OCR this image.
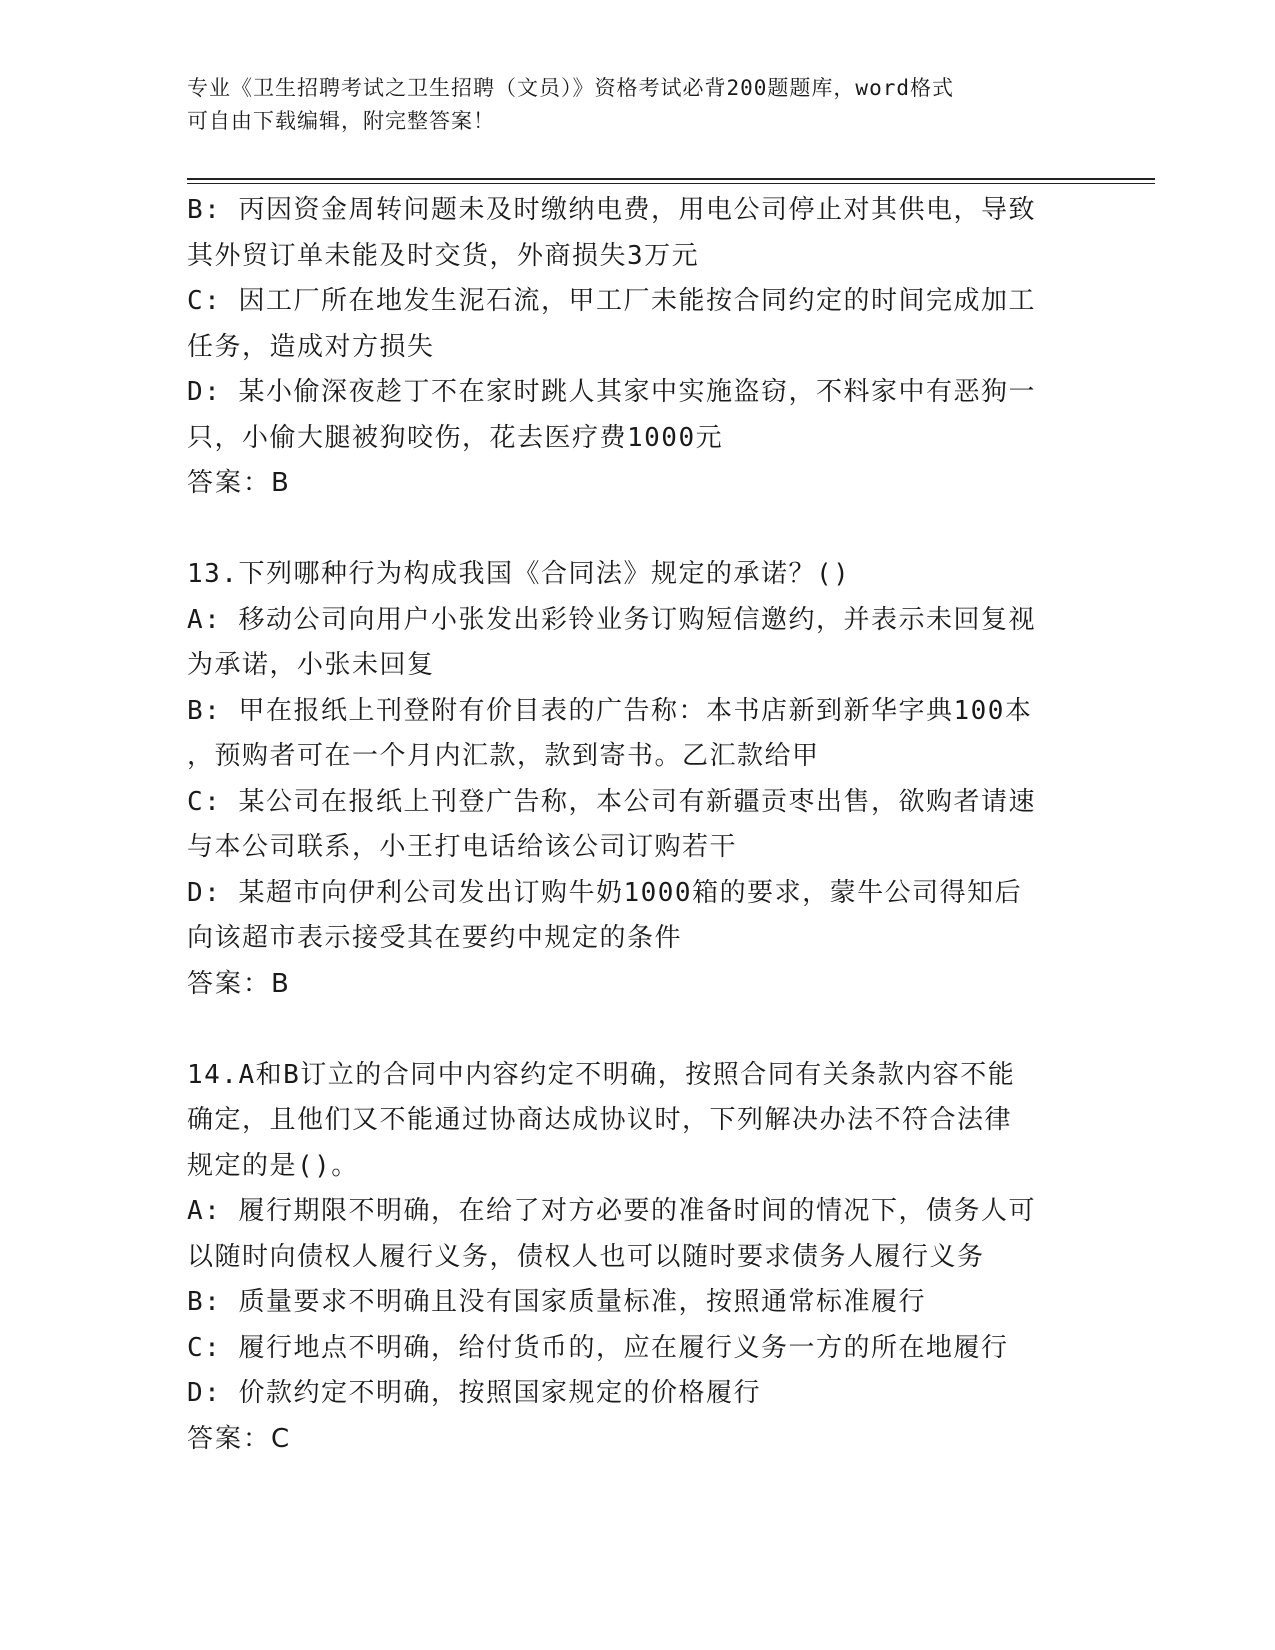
专业《卫生招聘考试之卫生招聘（文员）》资格考试必背200题题库，word格式
可自由下载编辑，附完整答案！
B: 丙因资金周转问题未及时缴纳电费，用电公司停止对其供电，导致
其外贸订单未能及时交货，外商损失3万元
C: 因工厂所在地发生泥石流，甲工厂未能按合同约定的时间完成加工
任务，造成对方损失
D: 某小偷深夜趁丁不在家时跳人其家中实施盗窃，不料家中有恶狗一
只，小偷大腿被狗咬伤，花去医疗费1000元
答案：B
13.下列哪种行为构成我国《合同法》规定的承诺？()
A: 移动公司向用户小张发出彩铃业务订购短信邀约，并表示未回复视
为承诺，小张未回复
B: 甲在报纸上刊登附有价目表的广告称：本书店新到新华字典100本
，预购者可在一个月内汇款，款到寄书。乙汇款给甲
C: 某公司在报纸上刊登广告称，本公司有新疆贡枣出售，欲购者请速
与本公司联系，小王打电话给该公司订购若干
D: 某超市向伊利公司发出订购牛奶1000箱的要求，蒙牛公司得知后
向该超市表示接受其在要约中规定的条件
答案：B
14.A和B订立的合同中内容约定不明确，按照合同有关条款内容不能
确定，且他们又不能通过协商达成协议时，下列解决办法不符合法律
规定的是()。
A: 履行期限不明确，在给了对方必要的准备时间的情况下，债务人可
以随时向债权人履行义务，债权人也可以随时要求债务人履行义务
B: 质量要求不明确且没有国家质量标准，按照通常标准履行
C: 履行地点不明确，给付货币的，应在履行义务一方的所在地履行
D: 价款约定不明确，按照国家规定的价格履行
答案：C
